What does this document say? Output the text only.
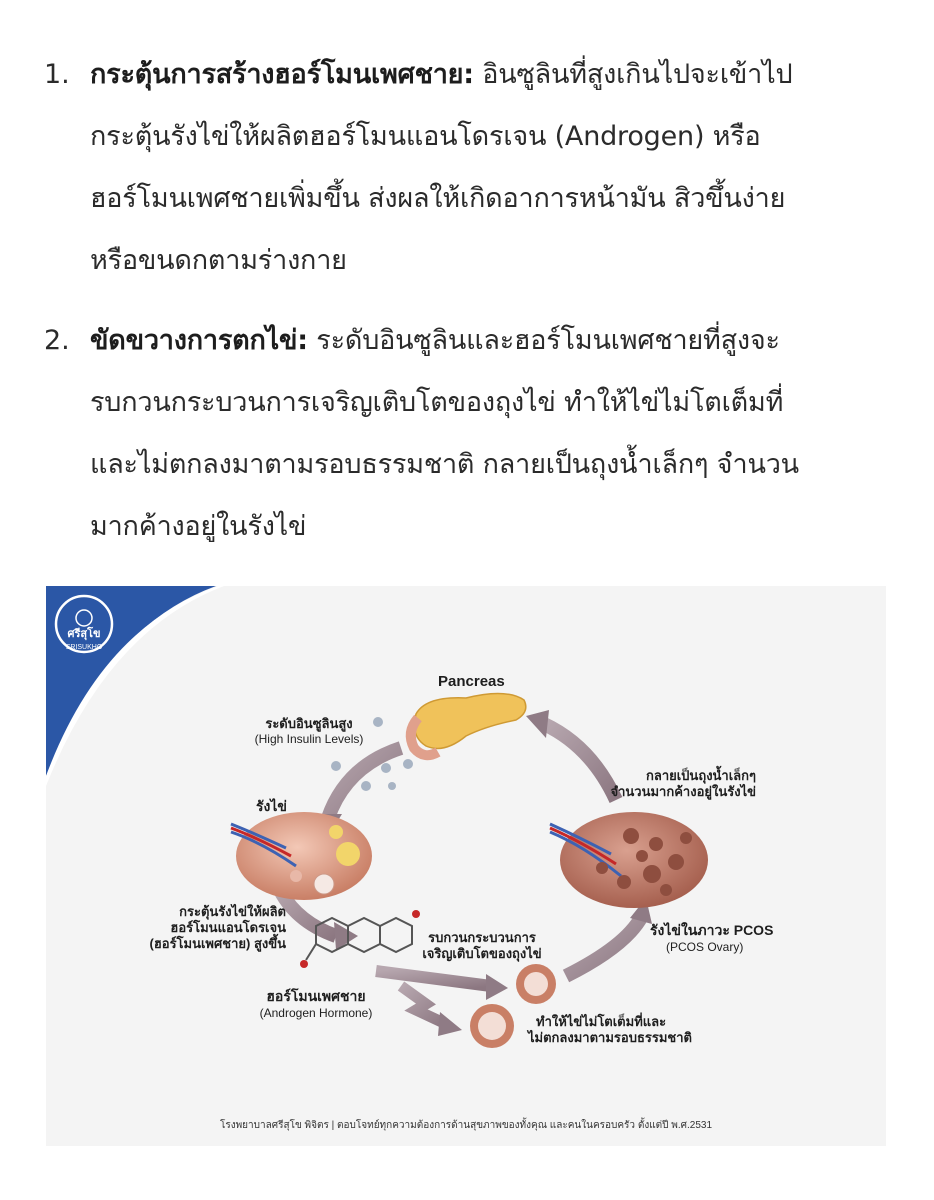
1. กระตุ้นการสร้างฮอร์โมนเพศชาย: อินซูลินที่สูงเกินไปจะเข้าไป
กระตุ้นรังไข่ให้ผลิตฮอร์โมนแอนโดรเจน (Androgen) หรือ
ฮอร์โมนเพศชายเพิ่มขึ้น ส่งผลให้เกิดอาการหน้ามัน สิวขึ้นง่าย
หรือขนดกตามร่างกาย
2. ขัดขวางการตกไข่: ระดับอินซูลินและฮอร์โมนเพศชายที่สูงจะ
รบกวนกระบวนการเจริญเติบโตของถุงไข่ ทำให้ไข่ไม่โตเต็มที่
และไม่ตกลงมาตามรอบธรรมชาติ กลายเป็นถุงน้ำเล็กๆ จำนวน
มากค้างอยู่ในรังไข่
ศรีสุโข
SRISUKHO
Pancreas
ระดับอินซูลินสูง
(High Insulin Levels)
รังไข่
กลายเป็นถุงน้ำเล็กๆ
จำนวนมากค้างอยู่ในรังไข่
กระตุ้นรังไข่ให้ผลิต
ฮอร์โมนแอนโดรเจน
(ฮอร์โมนเพศชาย) สูงขึ้น	รบกวนกระบวนการ
เจริญเติบโตของถุงไข่
รังไข่ในภาวะ PCOS
(PCOS Ovary)
ฮอร์โมนเพศชาย
(Androgen Hormone)
ทำให้ไข่ไม่โตเต็มที่และ
ไม่ตกลงมาตามรอบธรรมชาติ
โรงพยาบาลศรีสุโข พิจิตร | ตอบโจทย์ทุกความต้องการด้านสุขภาพของทั้งคุณ และคนในครอบครัว ตั้งแต่ปี พ.ศ.2531
